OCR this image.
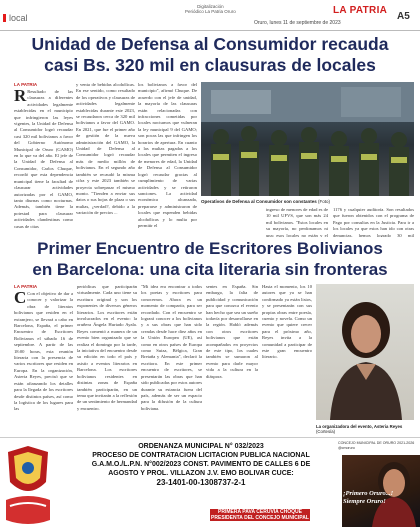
local
Digitalización
Periódico La Patria Oruro	LA PATRIA
Oruro, lunes 11 de septiembre de 2023
A5
Unidad de Defensa al Consumidor recauda
casi Bs. 320 mil en clausuras de locales
LA PATRIA
R Resultado de las clausuras a diferentes actividades legalmente establecidas en el municipio que infringieron las leyes vigentes, la Unidad de Defensa al Consumidor logró recaudar casi 320 mil bolivianos a favor del Gobierno Autónomo Municipal de Oruro (GAMO) en lo que va del año. El jefe de la Unidad de Defensa al Consumidor, Carlos Chuque, recordó que esta dependencia municipal tiene la facultad de clausurar actividades autorizadas por el GAMO, tanto diurnas como nocturnas. Además, también tiene la potestad para clausurar actividades clandestinas como casas de citas
y venta de bebidas alcohólicas. En ese sentido, como resultado de los operativos y clausuras de actividades legalmente establecidas durante este 2023, se recaudaron cerca de 320 mil bolivianos a favor del GAMO. En 2021, que fue el primer año de gestión de la nueva administración del GAMO, la Unidad de Defensa al Consumidor logró recaudar más de medio millón de bolivianos. En el segundo año también se recaudó la misma cifra y este 2023 también se proyecta sobrepasar el mismo monto. "Tienden a enviar sus datos o sus hojas de plaza o sus multas, ¿verdad?, debido a la variación de precios ...
los bolivianos a favor del municipio", afirmó Chuque. De acuerdo con el jefe de unidad, la mayoría de las clausuras están relacionadas con infracciones cometidas por locales nocturnos que vulneran la ley municipal 9 del GAMO; son pocas las que infringen los horarios de apertura. En cuanto a las multas pagadas a los locales que permiten el ingreso de menores de edad, la Unidad de Defensa al Consumidor logró recaudar gracias al cumplimiento de varias actividades y se retiraron sanciones. La actividad económica alcanzada, prepararse y administraron de locales que expenden bebidas alcohólicas y lo multa por permitir el
Operativos de Defensa al Consumidor son constantes (Foto)
ingreso de menores de edad es de 10 mil UFVS, que son más 24 mil bolivianos. "Estos locales en su mayoría, no perdonamos ni una; esos locales no están y el
1176 y cualquier auditoría. Son resultados que fueron obtenidos con el programa de Pago por consultas en la Justicia. Para ir a los locales ya que estos han ido con otras denuncias, hemos logrado 30 mil
Primer Encuentro de Escritores Bolivianos
en Barcelona: una cita literaria sin fronteras
LA PATRIA
C Con el objetivo de dar a conocer y valorizar la obra de literatos bolivianos que residen en el extranjero, se llevará a cabo en Barcelona, España, el primer Encuentro de Escritores Bolivianos el sábado 16 de septiembre. A partir de las 18:00 horas, esta reunión literaria con la presencia de varios escritores que residen en Europa. En la organización, Asteria Reyes, precisó que se están afianzando los detalles para la llegada de los escritores desde distintos países, así como la logística de los lugares para las
periódicas que participarán virtualmente. Cada uno tiene su escritura original y son los exponentes de diversos géneros literarios. Los escritores están involucrados en el evento: la oruñera Ángela Hurtado Ayala. Reyes comentó a manera de un evento bien organizado que se realiza el domingo por la tarde, la iniciativa del encuentro desde su edición en todo el país y asistir a eventos literarios en Barcelona. Los escritores bolivianos residentes en distintas zonas de España también participarán, en un tema que invitarán a la reflexión de un sentimiento de hermandad y encuentro.
"Mi idea era encontrar a todos los poetas y escritores para conocernos. Ahora es un momento de compartir, para ser recordado. Con el encuentro se logrará conocer a los bolivianos y a sus obras que han sido creadas desde hace diez años en la Unión Europea (UE), así como en otros países de Europa como Suiza, Bélgica, Gran Bretaña y Alemania", declaró la escritora. En este primer encuentro de escritores, se presentarán las obras que han sido publicadas por estos autores durante su estancia fuera del país, además de ser un espacio para la difusión de la cultura boliviana.
sentes en España. Sin embargo, la falta de publicidad y comunicación para que conozca el evento han hecho que sea un sueño todavía por desarrollarse en la región. Habló además con otros escritores bolivianos que están acompañados en proyectos de este tipo, los cuales también se sumaron al evento para darle mayor vida a la cultura en la diáspora.
Hasta el momento, los 10 autores que ya se han confirmado ya están listos, y se presentarán con sus propias obras entre poesía, cuento y novela. Como un evento que quiere crecer para el próximo año, Reyes invita a la comunidad a participar de este gran encuentro literario.
La organizadora del evento, Asteria Reyes (Cortesía)
ORDENANZA MUNICIPAL N° 032/2023
PROCESO DE CONTRATACION LICITACION PUBLICA NACIONAL
G.A.M.O./L.P.N. N°002/2023 CONST. PAVIMENTO DE CALLES 6 DE
AGOSTO Y PROL. VILLAZON J.V. EMO BOLIVAR CUCE:
23-1401-00-1308737-2-1
PRIMERA PAVA CERUVIA CHOQUE
PRESIDENTA DEL CONCEJO MUNICIPAL DE ORURO
CONCEJO MUNICIPAL DE ORURO 2021-2026
@cmoruro
¡Primero Oruro...!
Siempre Oruro!
